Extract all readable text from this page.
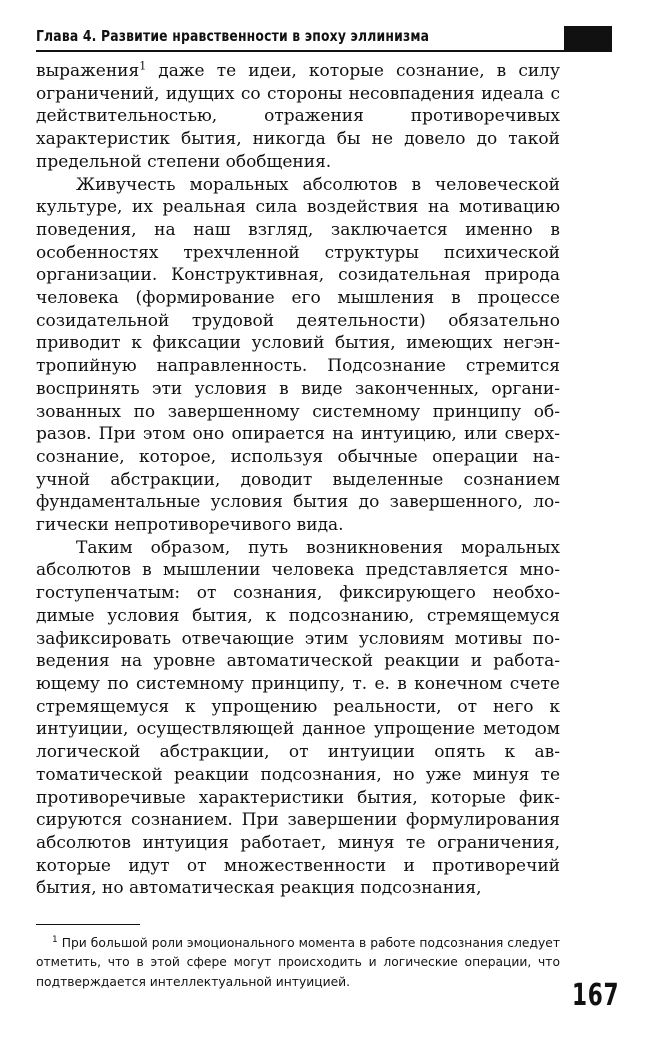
Глава 4. Развитие нравственности в эпоху эллинизма

выражения$^1$ даже те идеи, которые сознание, в силу ограничений, идущих со стороны несовпадения идеала с действительностью, отражения противоречивых характеристик бытия, никогда бы не довело до такой предельной степени обобщения.

Живучесть моральных абсолютов в человеческой культуре, их реальная сила воздействия на мотивацию поведения, на наш взгляд, заключается именно в особенностях трехчленной структуры психической организации. Конструктивная, созидательная природа человека (формирование его мышления в процессе созидательной трудовой деятельности) обязательно приводит к фиксации условий бытия, имеющих негэнтропийную направленность. Подсознание стремится воспринять эти условия в виде законченных, организованных по завершенному системному принципу образов. При этом оно опирается на интуицию, или сверхсознание, которое, используя обычные операции научной абстракции, доводит выделенные сознанием фундаментальные условия бытия до завершенного, логически непротиворечивого вида.

Таким образом, путь возникновения моральных абсолютов в мышлении человека представляется многоступенчатым: от сознания, фиксирующего необходимые условия бытия, к подсознанию, стремящемуся зафиксировать отвечающие этим условиям мотивы поведения на уровне автоматической реакции и работающему по системному принципу, т. е. в конечном счете стремящемуся к упрощению реальности, от него к интуиции, осуществляющей данное упрощение методом логической абстракции, от интуиции опять к автоматической реакции подсознания, но уже минуя те противоречивые характеристики бытия, которые фиксируются сознанием. При завершении формулирования абсолютов интуиция работает, минуя те ограничения, которые идут от множественности и противоречий бытия, но автоматическая реакция подсознания,

$^1$ При большой роли эмоционального момента в работе подсознания следует отметить, что в этой сфере могут происходить и логические операции, что подтверждается интеллектуальной интуицией.	167
